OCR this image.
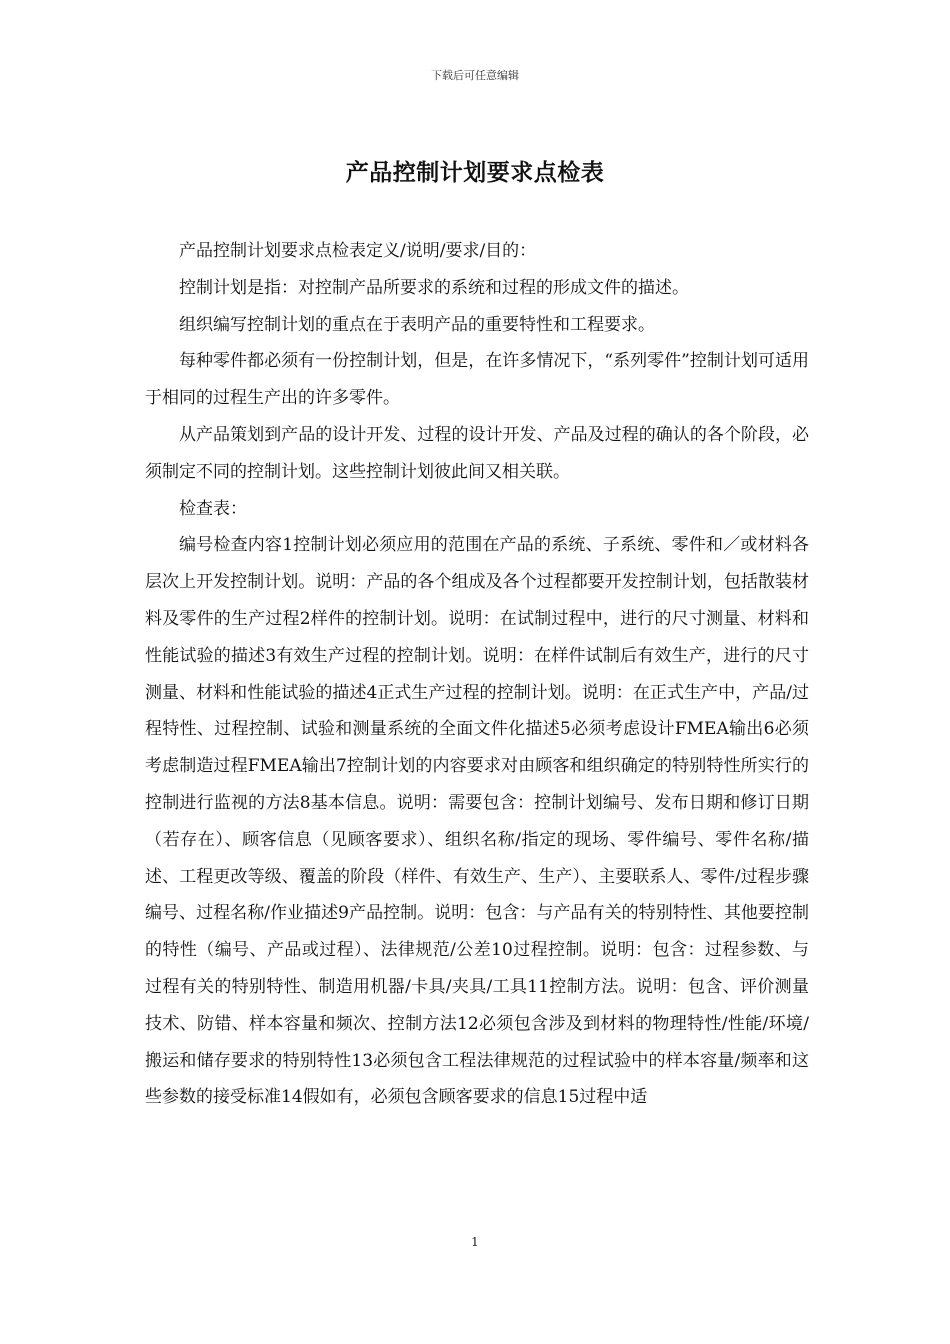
下载后可任意编辑
产品控制计划要求点检表

产品控制计划要求点检表定义/说明/要求/目的：

控制计划是指：对控制产品所要求的系统和过程的形成文件的描述。

组织编写控制计划的重点在于表明产品的重要特性和工程要求。

每种零件都必须有一份控制计划，但是，在许多情况下，“系列零件”控制计划可适用于相同的过程生产出的许多零件。

从产品策划到产品的设计开发、过程的设计开发、产品及过程的确认的各个阶段，必须制定不同的控制计划。这些控制计划彼此间又相关联。

检查表：

编号检查内容1控制计划必须应用的范围在产品的系统、子系统、零件和／或材料各层次上开发控制计划。说明：产品的各个组成及各个过程都要开发控制计划，包括散装材料及零件的生产过程2样件的控制计划。说明：在试制过程中，进行的尺寸测量、材料和性能试验的描述3有效生产过程的控制计划。说明：在样件试制后有效生产，进行的尺寸测量、材料和性能试验的描述4正式生产过程的控制计划。说明：在正式生产中，产品/过程特性、过程控制、试验和测量系统的全面文件化描述5必须考虑设计FMEA输出6必须考虑制造过程FMEA输出7控制计划的内容要求对由顾客和组织确定的特别特性所实行的控制进行监视的方法8基本信息。说明：需要包含：控制计划编号、发布日期和修订日期（若存在）、顾客信息（见顾客要求）、组织名称/指定的现场、零件编号、零件名称/描述、工程更改等级、覆盖的阶段（样件、有效生产、生产）、主要联系人、零件/过程步骤编号、过程名称/作业描述9产品控制。说明：包含：与产品有关的特别特性、其他要控制的特性（编号、产品或过程）、法律规范/公差10过程控制。说明：包含：过程参数、与过程有关的特别特性、制造用机器/卡具/夹具/工具11控制方法。说明：包含、评价测量技术、防错、样本容量和频次、控制方法12必须包含涉及到材料的物理特性/性能/环境/搬运和储存要求的特别特性13必须包含工程法律规范的过程试验中的样本容量/频率和这些参数的接受标准14假如有，必须包含顾客要求的信息15过程中适

1
